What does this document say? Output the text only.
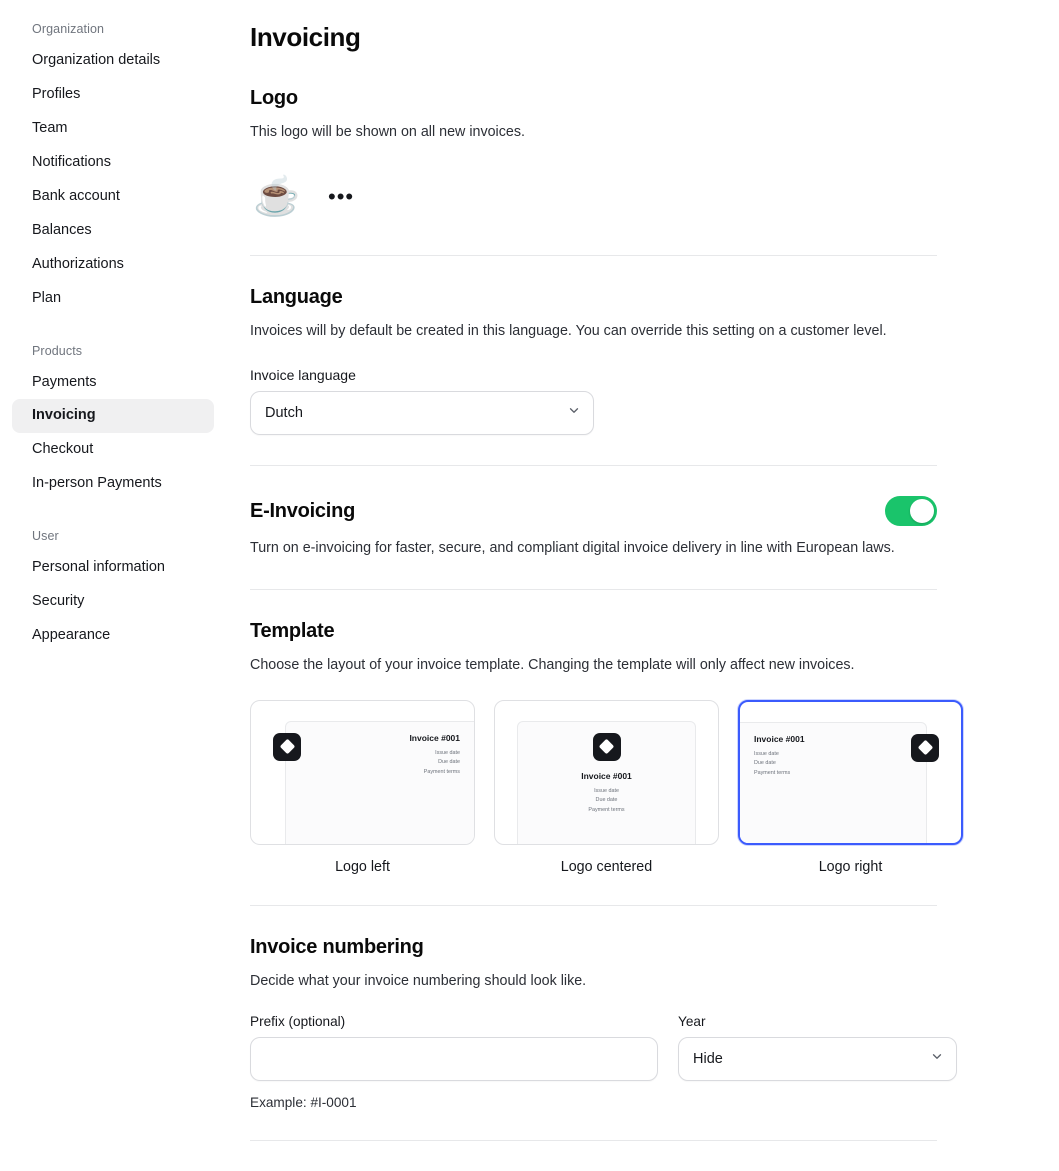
Organization
Organization details
Profiles
Team
Notifications
Bank account
Balances
Authorizations
Plan
Products
Payments
Invoicing
Checkout
In-person Payments
User
Personal information
Security
Appearance
Invoicing
Logo

This logo will be shown on all new invoices.

☕ •••
Language

Invoices will by default be created in this language. You can override this setting on a customer level.

Invoice language
Dutch
E-Invoicing

Turn on e-invoicing for faster, secure, and compliant digital invoice delivery in line with European laws.

Template

Choose the layout of your invoice template. Changing the template will only affect new invoices.

Invoice #001
Issue date
Due date
Payment terms
Logo left
Invoice #001
Issue date
Due date
Payment terms
Logo centered
Invoice #001
Issue date
Due date
Payment terms
Logo right
Invoice numbering

Decide what your invoice numbering should look like.

Prefix (optional)	Year
Hide
Example: #I-0001
